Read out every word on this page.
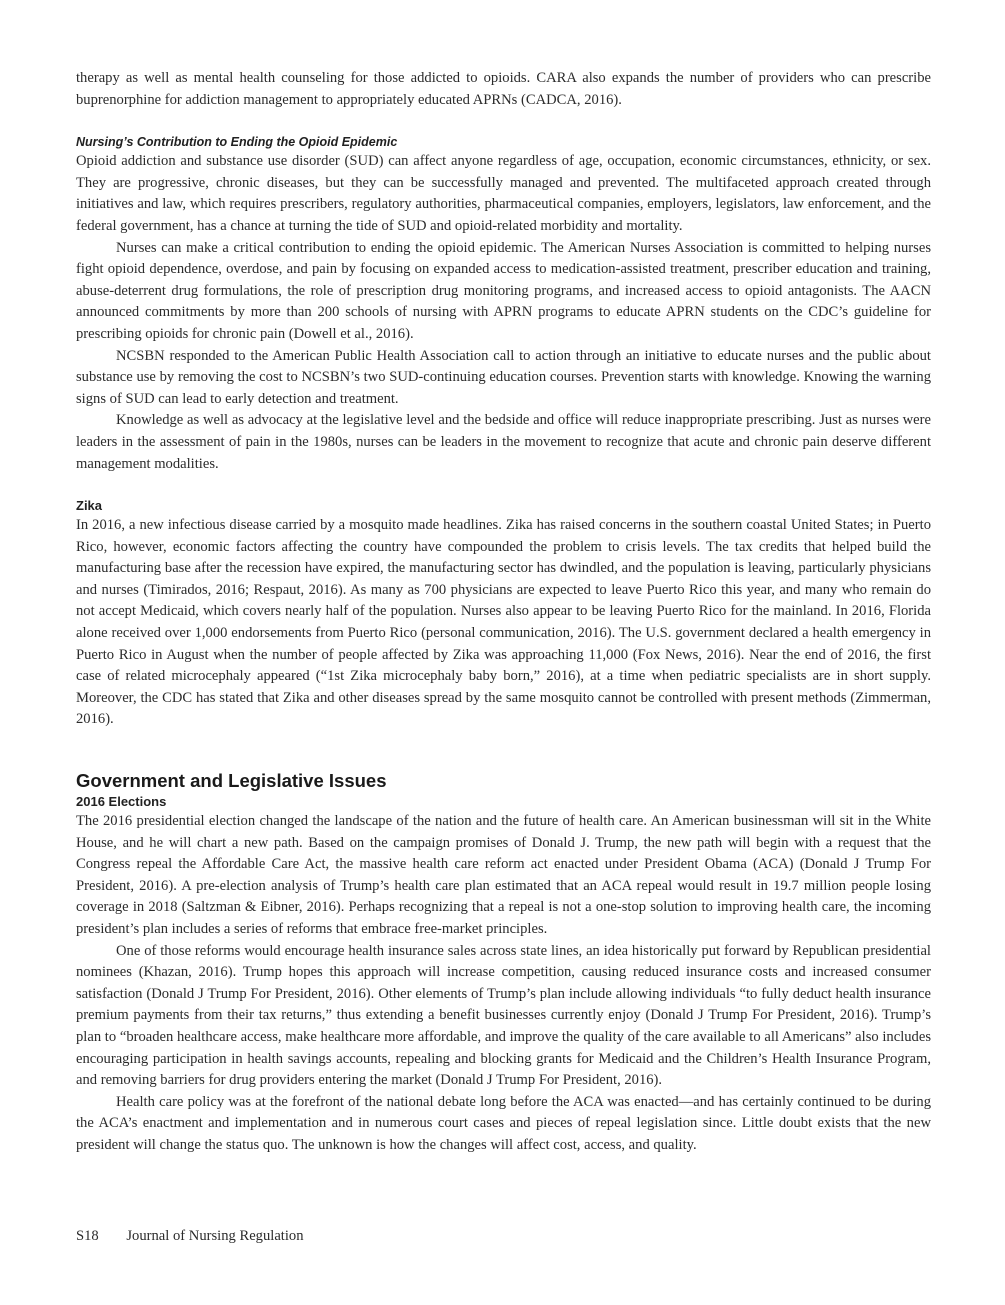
therapy as well as mental health counseling for those addicted to opioids. CARA also expands the number of providers who can prescribe buprenorphine for addiction management to appropriately educated APRNs (CADCA, 2016).

Nursing’s Contribution to Ending the Opioid Epidemic

Opioid addiction and substance use disorder (SUD) can affect anyone regardless of age, occupation, economic circumstances, ethnicity, or sex. They are progressive, chronic diseases, but they can be successfully managed and prevented. The multifaceted approach created through initiatives and law, which requires prescribers, regulatory authorities, pharmaceutical companies, employers, legislators, law enforcement, and the federal government, has a chance at turning the tide of SUD and opioid-related morbidity and mortality.

Nurses can make a critical contribution to ending the opioid epidemic. The American Nurses Association is committed to helping nurses fight opioid dependence, overdose, and pain by focusing on expanded access to medication-assisted treatment, prescriber education and training, abuse-deterrent drug formulations, the role of prescription drug monitoring programs, and increased access to opioid antagonists. The AACN announced commitments by more than 200 schools of nursing with APRN programs to educate APRN students on the CDC’s guideline for prescribing opioids for chronic pain (Dowell et al., 2016).

NCSBN responded to the American Public Health Association call to action through an initiative to educate nurses and the public about substance use by removing the cost to NCSBN’s two SUD-continuing education courses. Prevention starts with knowledge. Knowing the warning signs of SUD can lead to early detection and treatment.

Knowledge as well as advocacy at the legislative level and the bedside and office will reduce inappropriate prescribing. Just as nurses were leaders in the assessment of pain in the 1980s, nurses can be leaders in the movement to recognize that acute and chronic pain deserve different management modalities.

Zika

In 2016, a new infectious disease carried by a mosquito made headlines. Zika has raised concerns in the southern coastal United States; in Puerto Rico, however, economic factors affecting the country have compounded the problem to crisis levels. The tax credits that helped build the manufacturing base after the recession have expired, the manufacturing sector has dwindled, and the population is leaving, particularly physicians and nurses (Timirados, 2016; Respaut, 2016). As many as 700 physicians are expected to leave Puerto Rico this year, and many who remain do not accept Medicaid, which covers nearly half of the population. Nurses also appear to be leaving Puerto Rico for the mainland. In 2016, Florida alone received over 1,000 endorsements from Puerto Rico (personal communication, 2016). The U.S. government declared a health emergency in Puerto Rico in August when the number of people affected by Zika was approaching 11,000 (Fox News, 2016). Near the end of 2016, the first case of related microcephaly appeared (“1st Zika microcephaly baby born,” 2016), at a time when pediatric specialists are in short supply. Moreover, the CDC has stated that Zika and other diseases spread by the same mosquito cannot be controlled with present methods (Zimmerman, 2016).

Government and Legislative Issues
2016 Elections

The 2016 presidential election changed the landscape of the nation and the future of health care. An American businessman will sit in the White House, and he will chart a new path. Based on the campaign promises of Donald J. Trump, the new path will begin with a request that the Congress repeal the Affordable Care Act, the massive health care reform act enacted under President Obama (ACA) (Donald J Trump For President, 2016). A pre-election analysis of Trump’s health care plan estimated that an ACA repeal would result in 19.7 million people losing coverage in 2018 (Saltzman & Eibner, 2016). Perhaps recognizing that a repeal is not a one-stop solution to improving health care, the incoming president’s plan includes a series of reforms that embrace free-market principles.

One of those reforms would encourage health insurance sales across state lines, an idea historically put forward by Republican presidential nominees (Khazan, 2016). Trump hopes this approach will increase competition, causing reduced insurance costs and increased consumer satisfaction (Donald J Trump For President, 2016). Other elements of Trump’s plan include allowing individuals “to fully deduct health insurance premium payments from their tax returns,” thus extending a benefit businesses currently enjoy (Donald J Trump For President, 2016). Trump’s plan to “broaden healthcare access, make healthcare more affordable, and improve the quality of the care available to all Americans” also includes encouraging participation in health savings accounts, repealing and blocking grants for Medicaid and the Children’s Health Insurance Program, and removing barriers for drug providers entering the market (Donald J Trump For President, 2016).

Health care policy was at the forefront of the national debate long before the ACA was enacted—and has certainly continued to be during the ACA’s enactment and implementation and in numerous court cases and pieces of repeal legislation since. Little doubt exists that the new president will change the status quo. The unknown is how the changes will affect cost, access, and quality.

S18 Journal of Nursing Regulation
